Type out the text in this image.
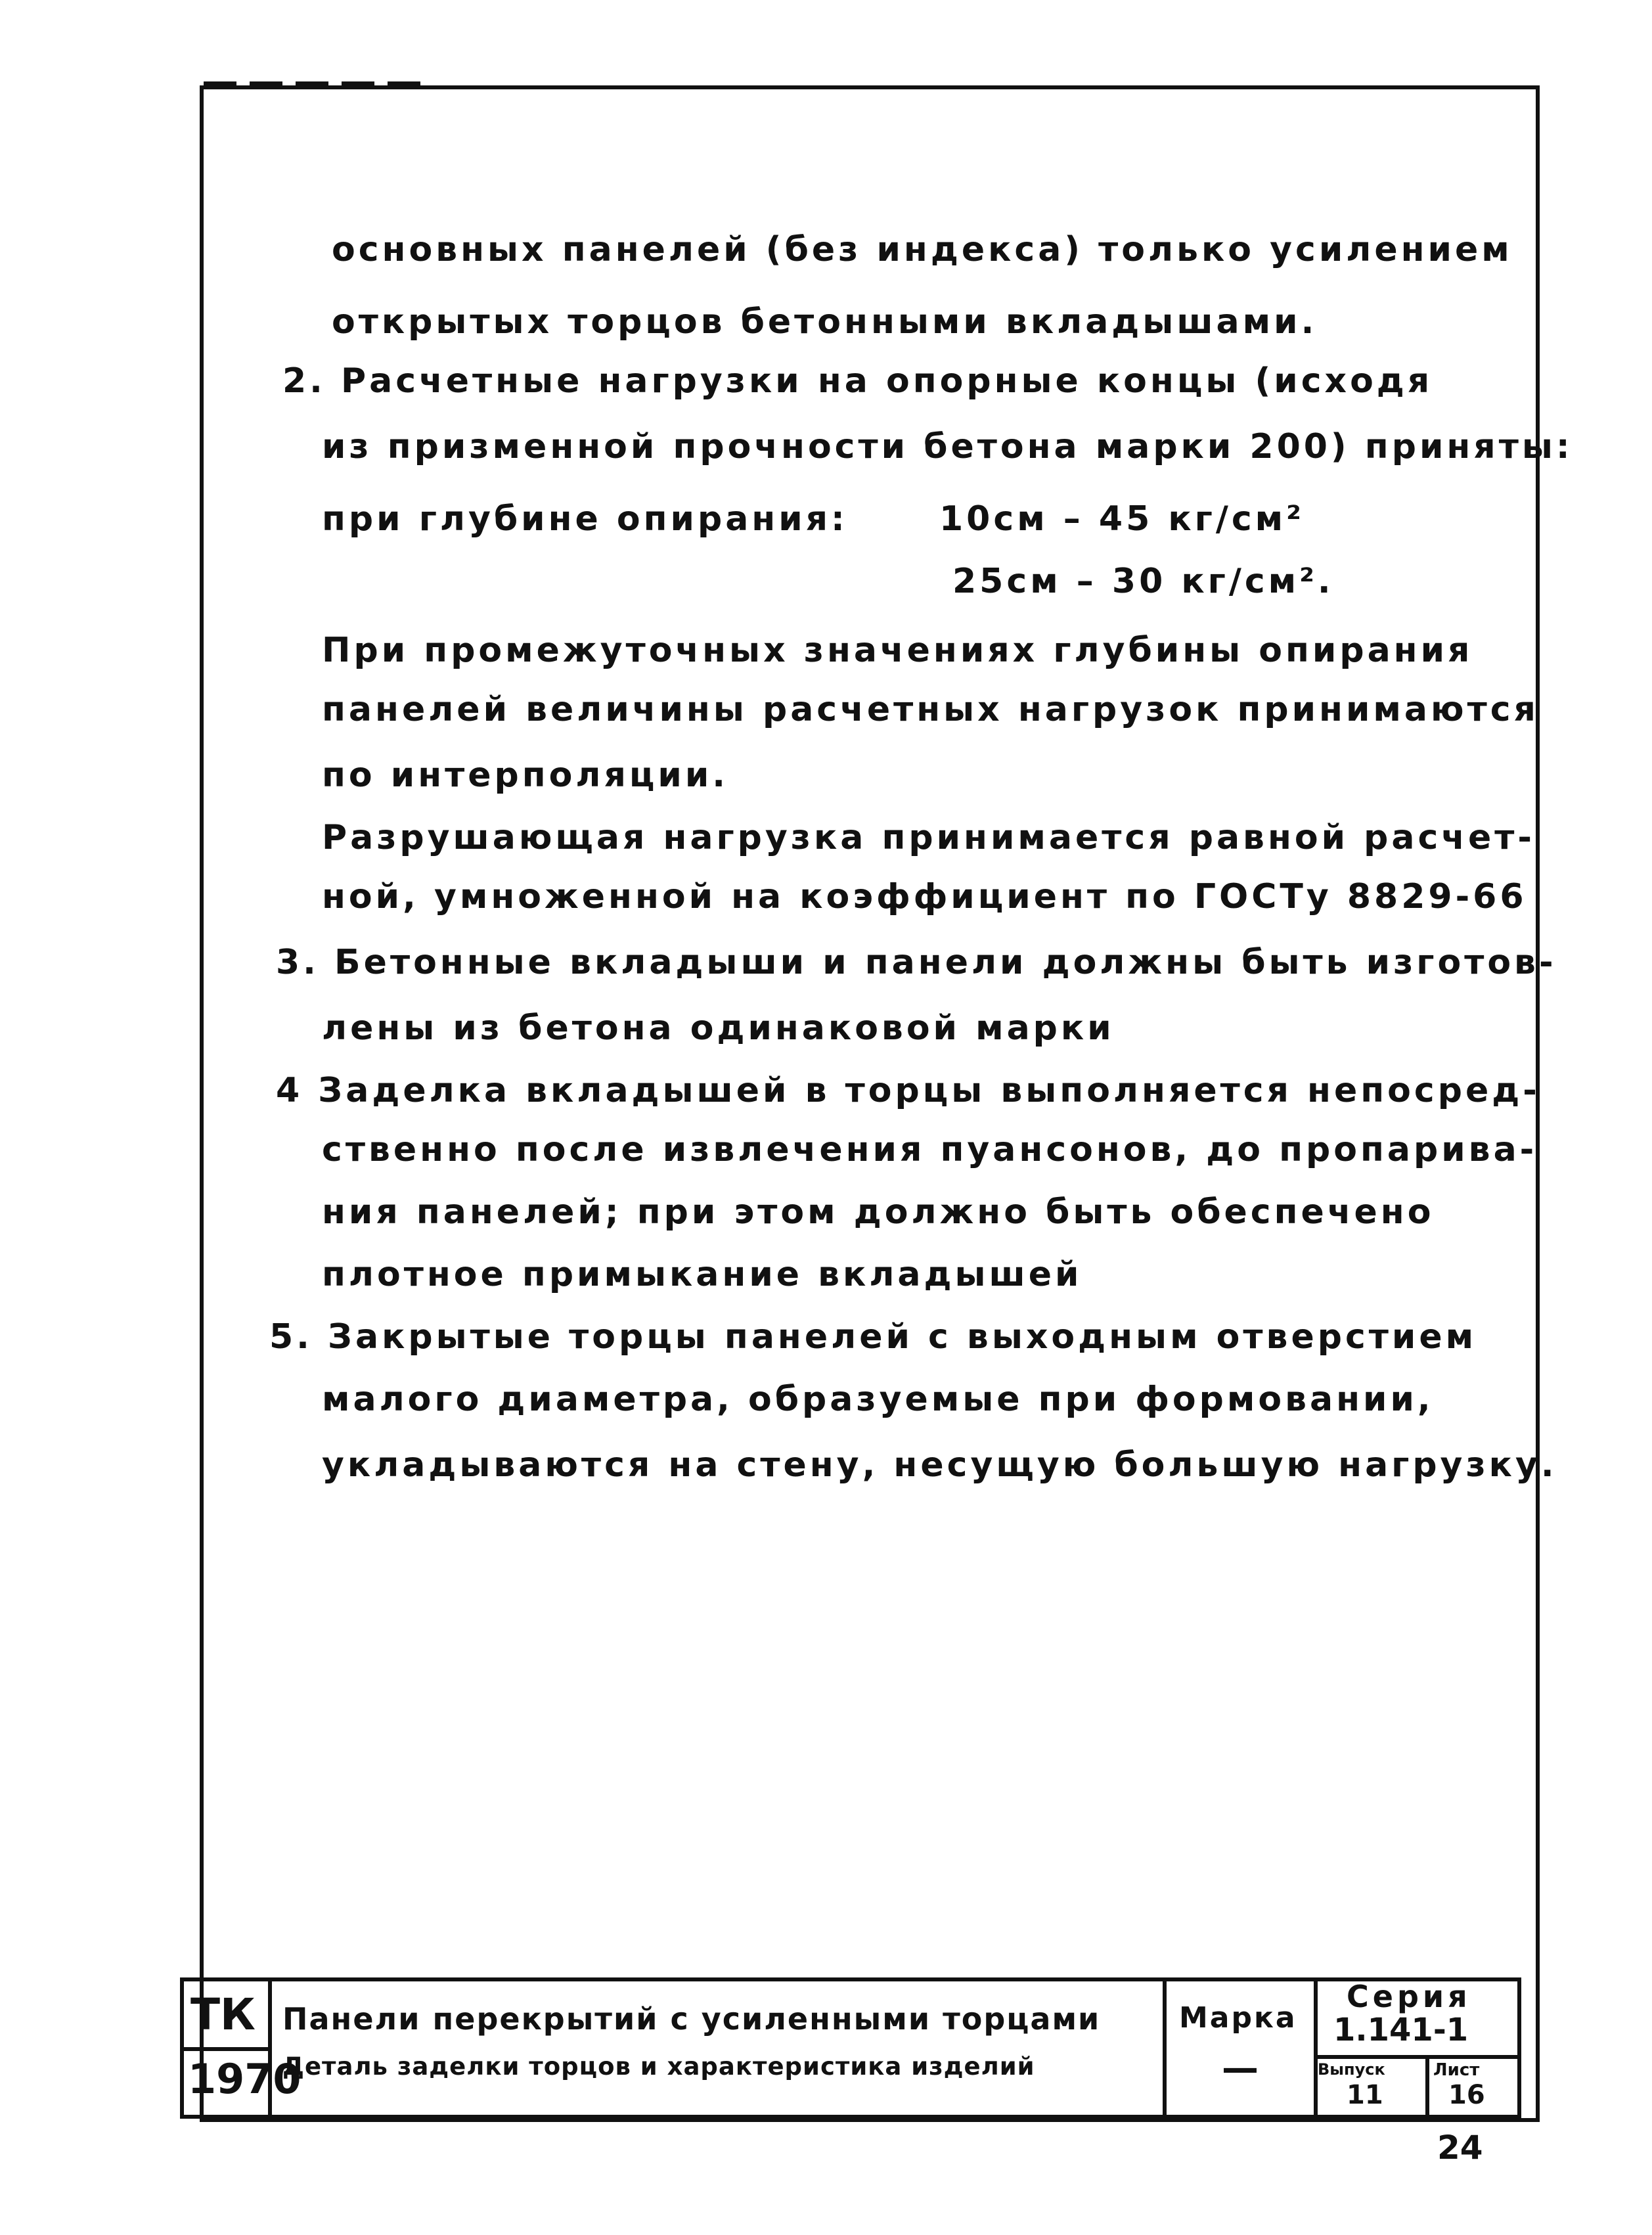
основных панелей (без индекса) только усилением
открытых торцов бетонными вкладышами.
2. Расчетные нагрузки на опорные концы (исходя
из призменной прочности бетона марки 200) приняты:
при глубине опирания:	10см – 45 кг/см²
25см – 30 кг/см².
При промежуточных значениях глубины опирания
панелей величины расчетных нагрузок принимаются
по интерполяции.
Разрушающая нагрузка принимается равной расчет-
ной, умноженной на коэффициент по ГОСТу 8829-66
3. Бетонные вкладыши и панели должны быть изготов-
лены из бетона одинаковой марки
4 Заделка вкладышей в торцы выполняется непосред-
ственно после извлечения пуансонов, до пропарива-
ния панелей; при этом должно быть обеспечено
плотное примыкание вкладышей
5. Закрытые торцы панелей с выходным отверстием
малого диаметра, образуемые при формовании,
укладываются на стену, несущую большую нагрузку.
ТК
1970
Панели перекрытий с усиленными торцами
Деталь заделки торцов и характеристика изделий
Марка
—
Серия
1.141-1
Выпуск
11
Лист
16
24
